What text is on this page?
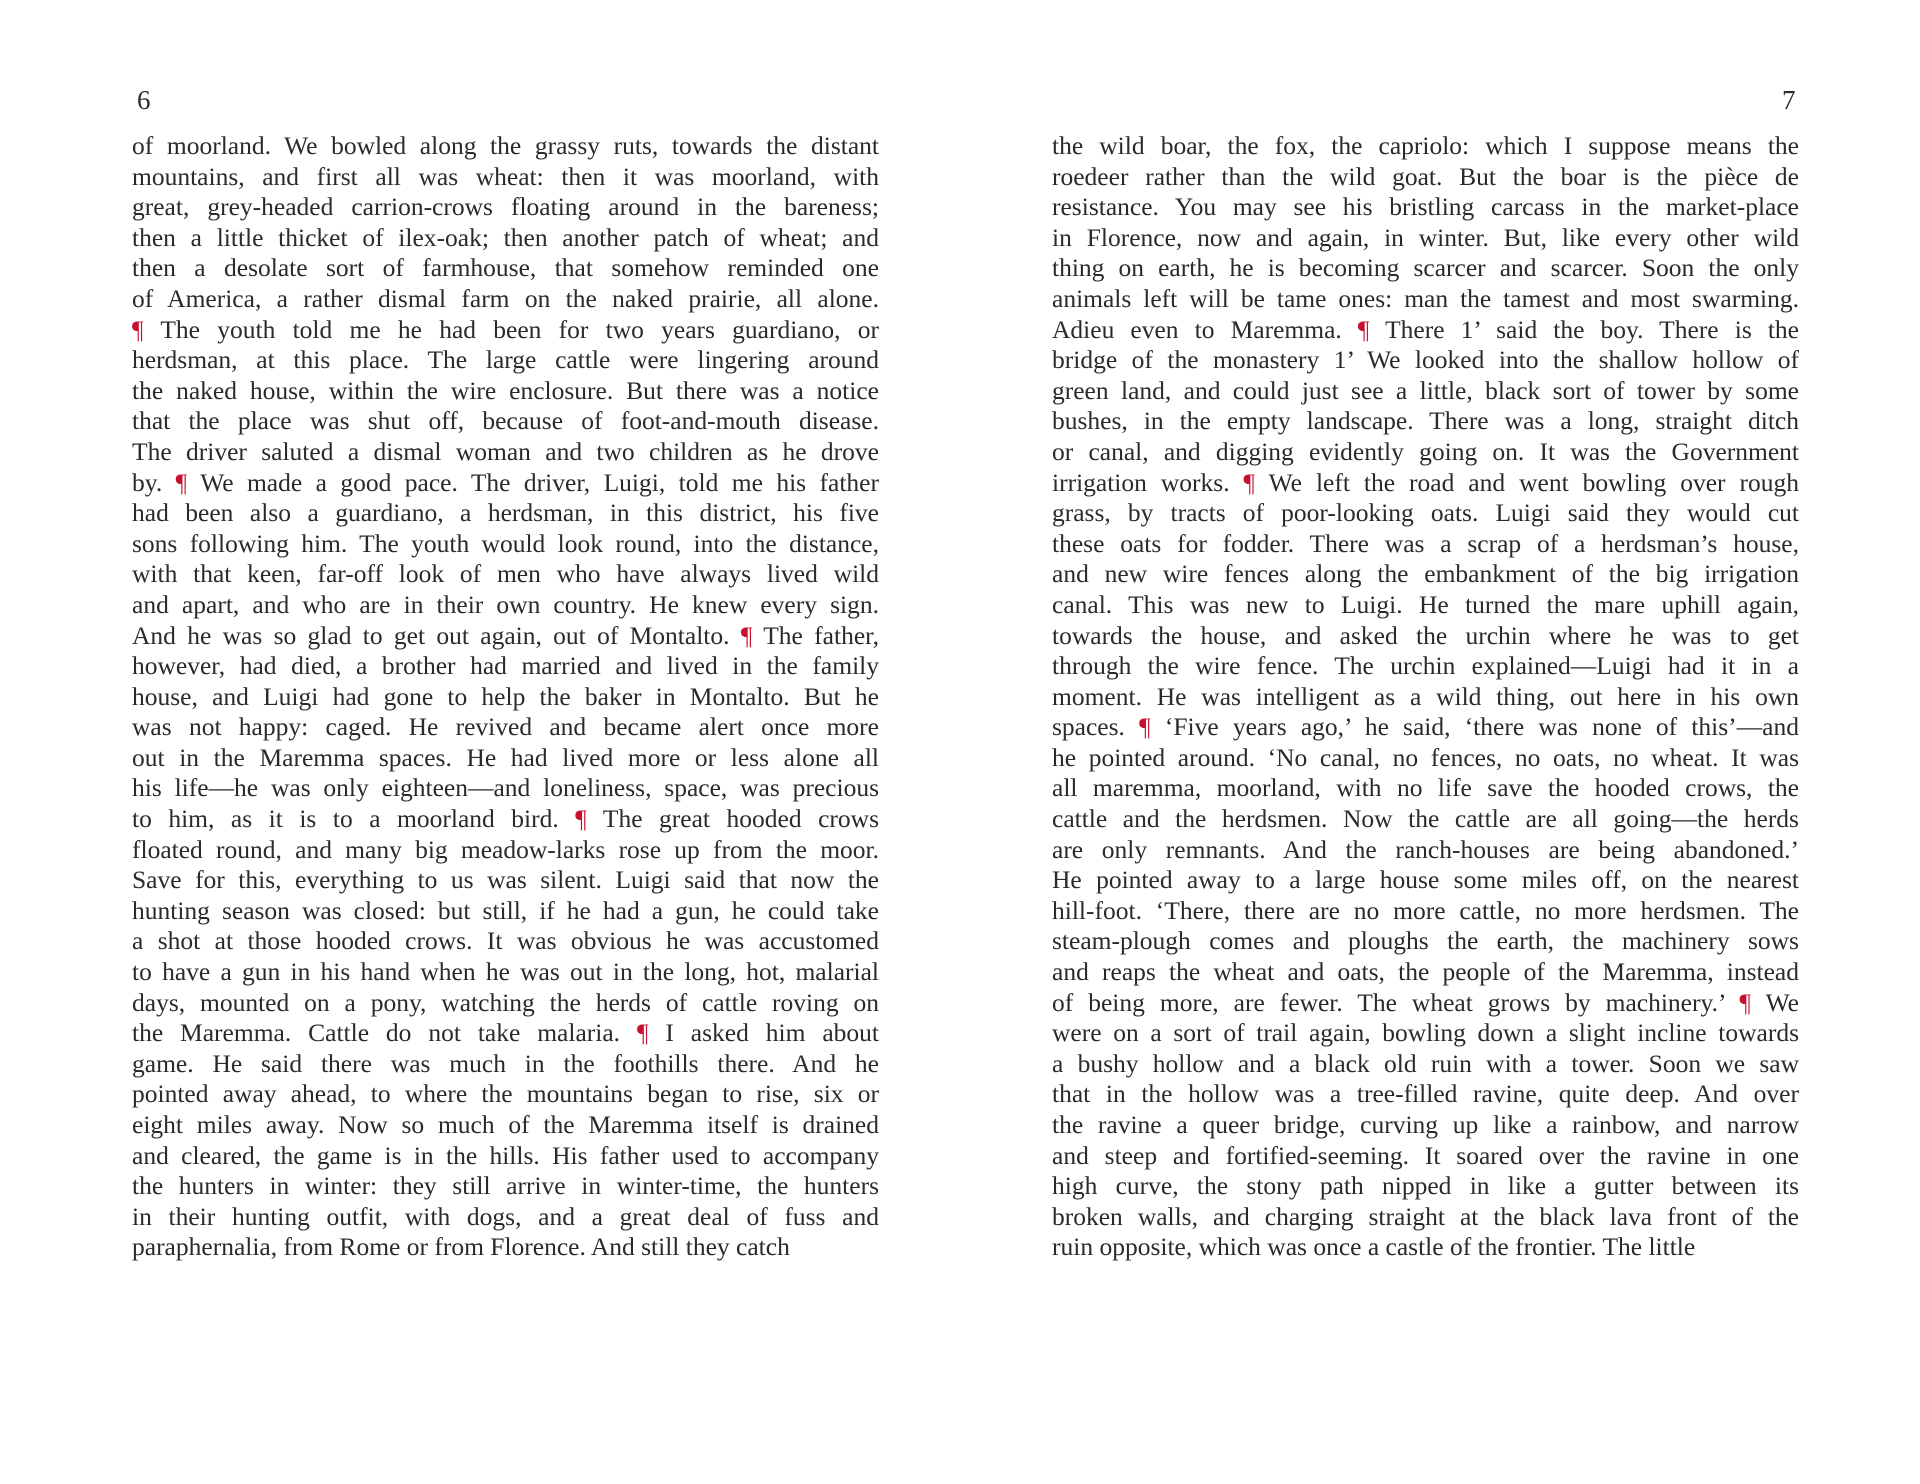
6	7
of moorland. We bowled along the grassy ruts, towards the distant
mountains, and first all was wheat: then it was moorland, with
great, grey-headed carrion-crows floating around in the bareness;
then a little thicket of ilex-oak; then another patch of wheat; and
then a desolate sort of farmhouse, that somehow reminded one
of America, a rather dismal farm on the naked prairie, all alone.
¶ The youth told me he had been for two years guardiano, or
herdsman, at this place. The large cattle were lingering around
the naked house, within the wire enclosure. But there was a notice
that the place was shut off, because of foot-and-mouth disease.
The driver saluted a dismal woman and two children as he drove
by. ¶ We made a good pace. The driver, Luigi, told me his father
had been also a guardiano, a herdsman, in this district, his five
sons following him. The youth would look round, into the distance,
with that keen, far-off look of men who have always lived wild
and apart, and who are in their own country. He knew every sign.
And he was so glad to get out again, out of Montalto. ¶ The father,
however, had died, a brother had married and lived in the family
house, and Luigi had gone to help the baker in Montalto. But he
was not happy: caged. He revived and became alert once more
out in the Maremma spaces. He had lived more or less alone all
his life—he was only eighteen—and loneliness, space, was precious
to him, as it is to a moorland bird. ¶ The great hooded crows
floated round, and many big meadow-larks rose up from the moor.
Save for this, everything to us was silent. Luigi said that now the
hunting season was closed: but still, if he had a gun, he could take
a shot at those hooded crows. It was obvious he was accustomed
to have a gun in his hand when he was out in the long, hot, malarial
days, mounted on a pony, watching the herds of cattle roving on
the Maremma. Cattle do not take malaria. ¶ I asked him about
game. He said there was much in the foothills there. And he
pointed away ahead, to where the mountains began to rise, six or
eight miles away. Now so much of the Maremma itself is drained
and cleared, the game is in the hills. His father used to accompany
the hunters in winter: they still arrive in winter-time, the hunters
in their hunting outfit, with dogs, and a great deal of fuss and
paraphernalia, from Rome or from Florence. And still they catch
the wild boar, the fox, the capriolo: which I suppose means the
roedeer rather than the wild goat. But the boar is the pièce de
resistance. You may see his bristling carcass in the market-place
in Florence, now and again, in winter. But, like every other wild
thing on earth, he is becoming scarcer and scarcer. Soon the only
animals left will be tame ones: man the tamest and most swarming.
Adieu even to Maremma. ¶ There 1’ said the boy. There is the
bridge of the monastery 1’ We looked into the shallow hollow of
green land, and could just see a little, black sort of tower by some
bushes, in the empty landscape. There was a long, straight ditch
or canal, and digging evidently going on. It was the Government
irrigation works. ¶ We left the road and went bowling over rough
grass, by tracts of poor-looking oats. Luigi said they would cut
these oats for fodder. There was a scrap of a herdsman’s house,
and new wire fences along the embankment of the big irrigation
canal. This was new to Luigi. He turned the mare uphill again,
towards the house, and asked the urchin where he was to get
through the wire fence. The urchin explained—Luigi had it in a
moment. He was intelligent as a wild thing, out here in his own
spaces. ¶ ‘Five years ago,’ he said, ‘there was none of this’—and
he pointed around. ‘No canal, no fences, no oats, no wheat. It was
all maremma, moorland, with no life save the hooded crows, the
cattle and the herdsmen. Now the cattle are all going—the herds
are only remnants. And the ranch-houses are being abandoned.’
He pointed away to a large house some miles off, on the nearest
hill-foot. ‘There, there are no more cattle, no more herdsmen. The
steam-plough comes and ploughs the earth, the machinery sows
and reaps the wheat and oats, the people of the Maremma, instead
of being more, are fewer. The wheat grows by machinery.’ ¶ We
were on a sort of trail again, bowling down a slight incline towards
a bushy hollow and a black old ruin with a tower. Soon we saw
that in the hollow was a tree-filled ravine, quite deep. And over
the ravine a queer bridge, curving up like a rainbow, and narrow
and steep and fortified-seeming. It soared over the ravine in one
high curve, the stony path nipped in like a gutter between its
broken walls, and charging straight at the black lava front of the
ruin opposite, which was once a castle of the frontier. The little
